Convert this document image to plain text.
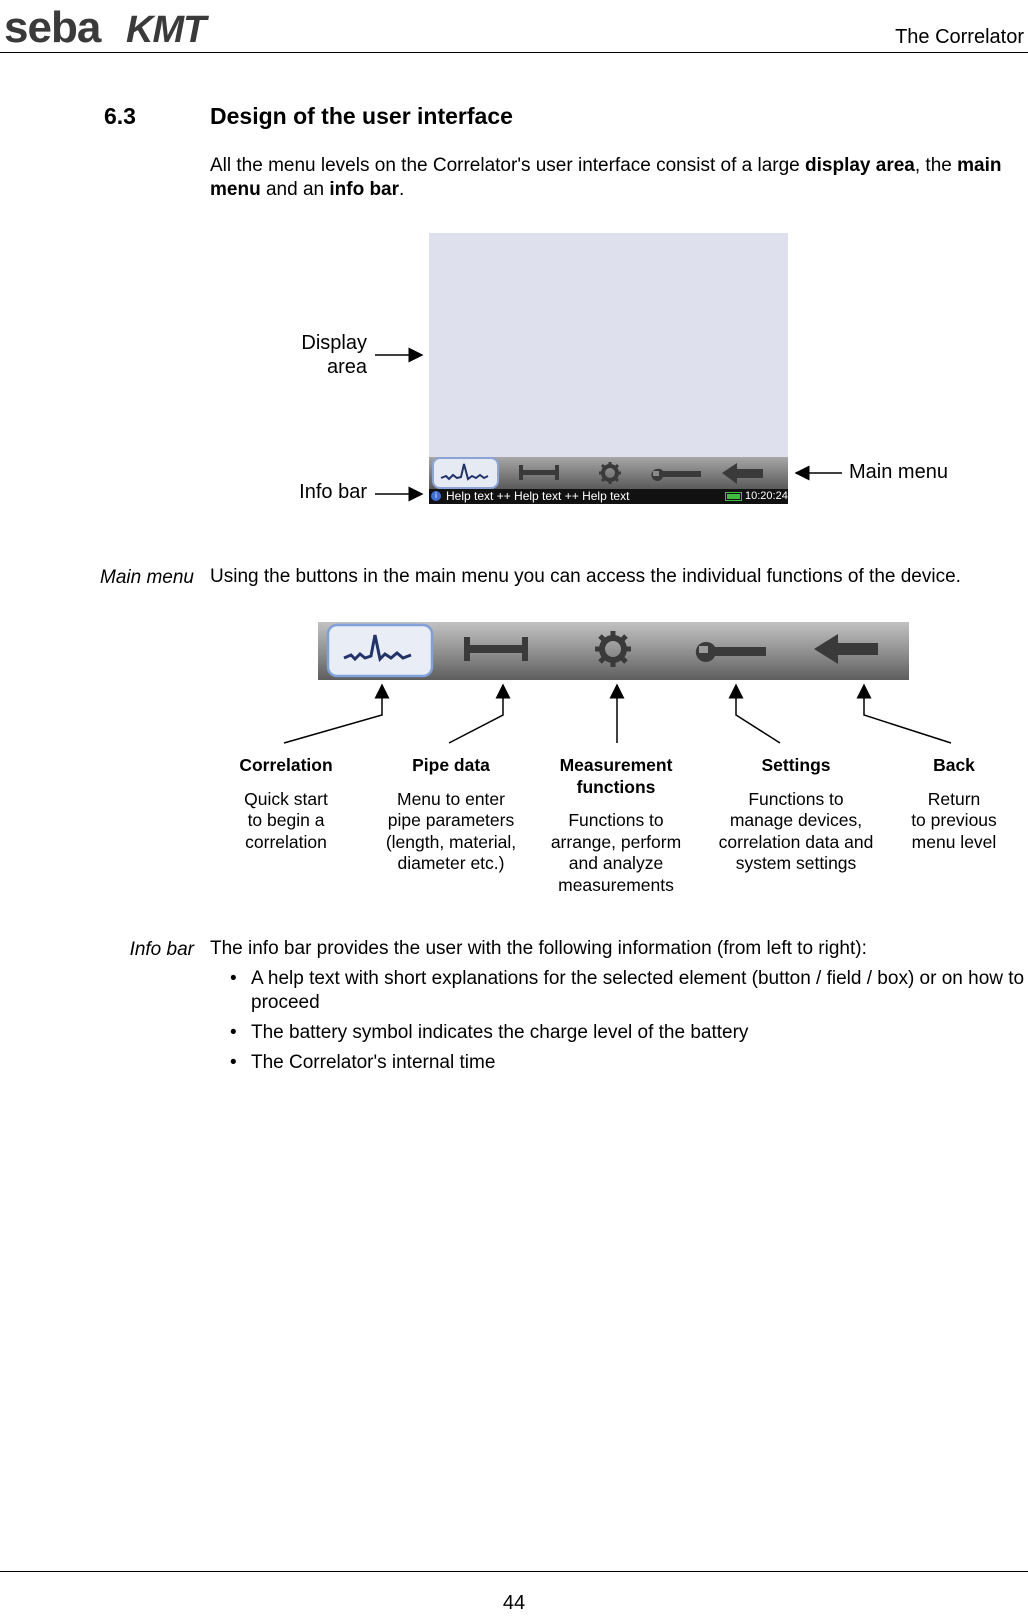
seba KMT	The Correlator
6.3	Design of the user interface
All the menu levels on the Correlator's user interface consist of a large display area, the main menu and an info bar.
i Help text ++ Help text ++ Help text	10:20:24
Display
area
Info bar
Main menu
Main menu Using the buttons in the main menu you can access the individual functions of the device.
Correlation
Quick start
to begin a
correlation
Pipe data
Menu to enter
pipe parameters
(length, material,
diameter etc.)
Measurement
functions
Functions to
arrange, perform
and analyze
measurements
Settings
Functions to
manage devices,
correlation data and
system settings
Back
Return
to previous
menu level
Info bar The info bar provides the user with the following information (from left to right):
• A help text with short explanations for the selected element (button / field / box) or on how to proceed
• The battery symbol indicates the charge level of the battery
• The Correlator's internal time
44
